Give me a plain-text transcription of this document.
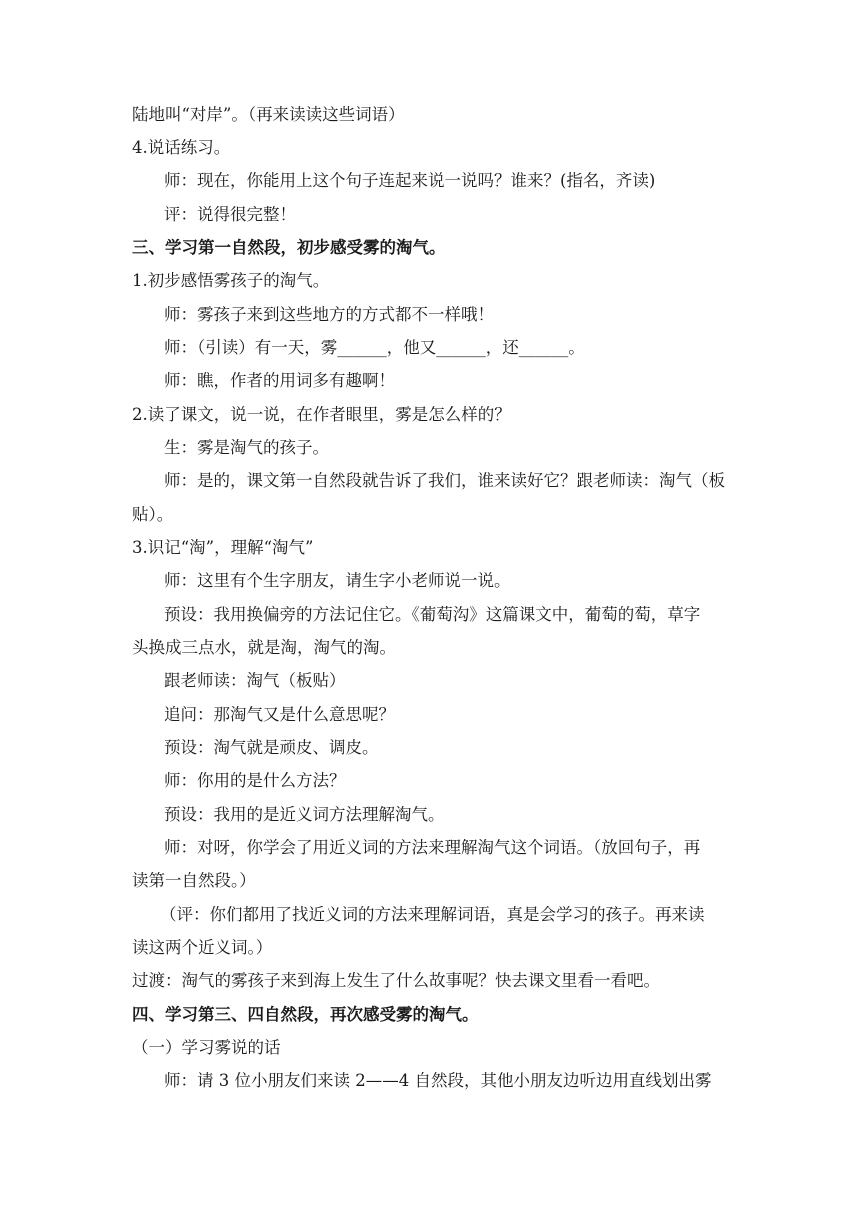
陆地叫“对岸”。（再来读读这些词语）
4.说话练习。
师：现在，你能用上这个句子连起来说一说吗？谁来？(指名，齐读)
评：说得很完整！
三、学习第一自然段，初步感受雾的淘气。
1.初步感悟雾孩子的淘气。
师：雾孩子来到这些地方的方式都不一样哦！
师：（引读）有一天，雾______，他又______，还______。
师：瞧，作者的用词多有趣啊！
2.读了课文，说一说，在作者眼里，雾是怎么样的？
生：雾是淘气的孩子。
师：是的，课文第一自然段就告诉了我们，谁来读好它？跟老师读：淘气（板
贴）。
3.识记“淘”，理解“淘气”
师：这里有个生字朋友，请生字小老师说一说。
预设：我用换偏旁的方法记住它。《葡萄沟》这篇课文中，葡萄的萄，草字
头换成三点水，就是淘，淘气的淘。
跟老师读：淘气（板贴）
追问：那淘气又是什么意思呢？
预设：淘气就是顽皮、调皮。
师：你用的是什么方法？
预设：我用的是近义词方法理解淘气。
师：对呀，你学会了用近义词的方法来理解淘气这个词语。（放回句子，再
读第一自然段。）
（评：你们都用了找近义词的方法来理解词语，真是会学习的孩子。再来读
读这两个近义词。）
过渡：淘气的雾孩子来到海上发生了什么故事呢？快去课文里看一看吧。
四、学习第三、四自然段，再次感受雾的淘气。
（一）学习雾说的话
师：请 3 位小朋友们来读 2——4 自然段，其他小朋友边听边用直线划出雾
